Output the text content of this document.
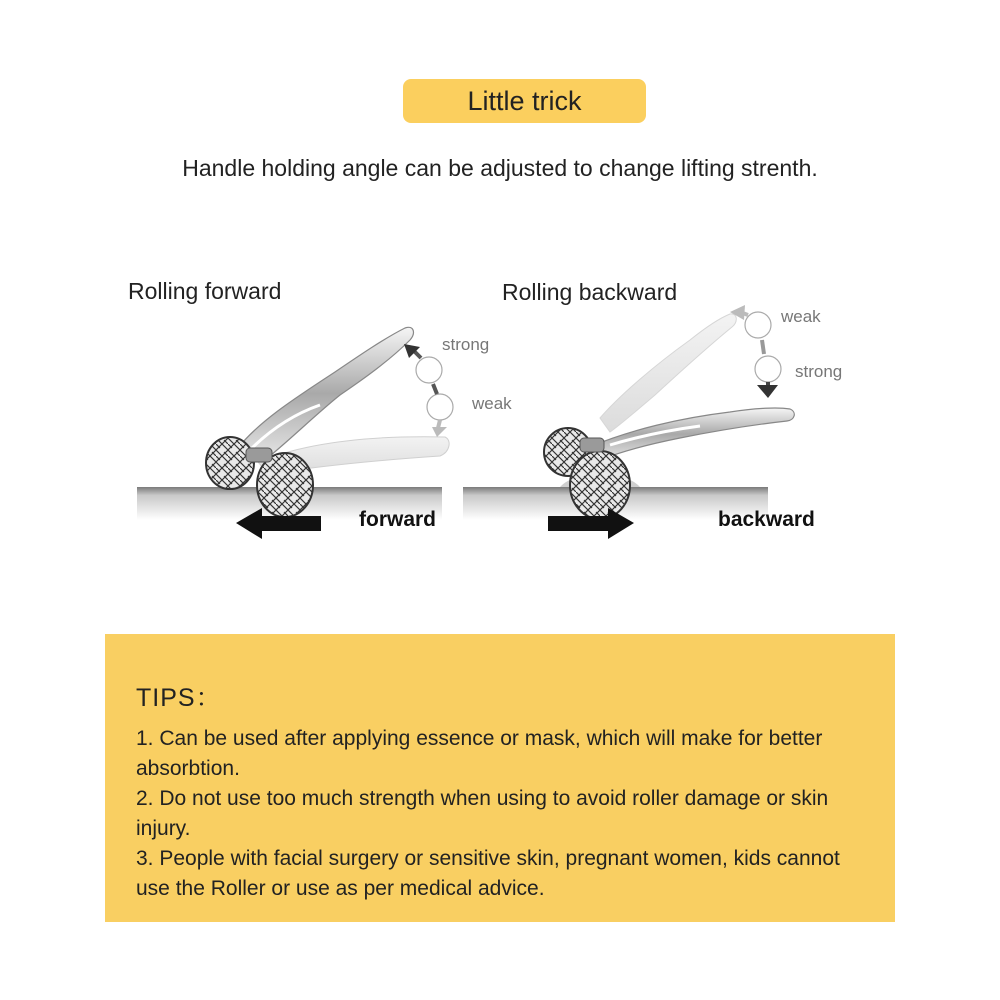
Little trick
Handle holding angle can be adjusted to change lifting strenth.
Rolling forward
strong
weak
forward
Rolling backward
weak
strong
backward
TIPS：
1. Can be used after applying essence or mask, which will make for better absorbtion.
2. Do not use too much strength when using to avoid roller damage or skin injury.
3. People with facial surgery or sensitive skin, pregnant women, kids cannot use the Roller or use as per medical advice.
